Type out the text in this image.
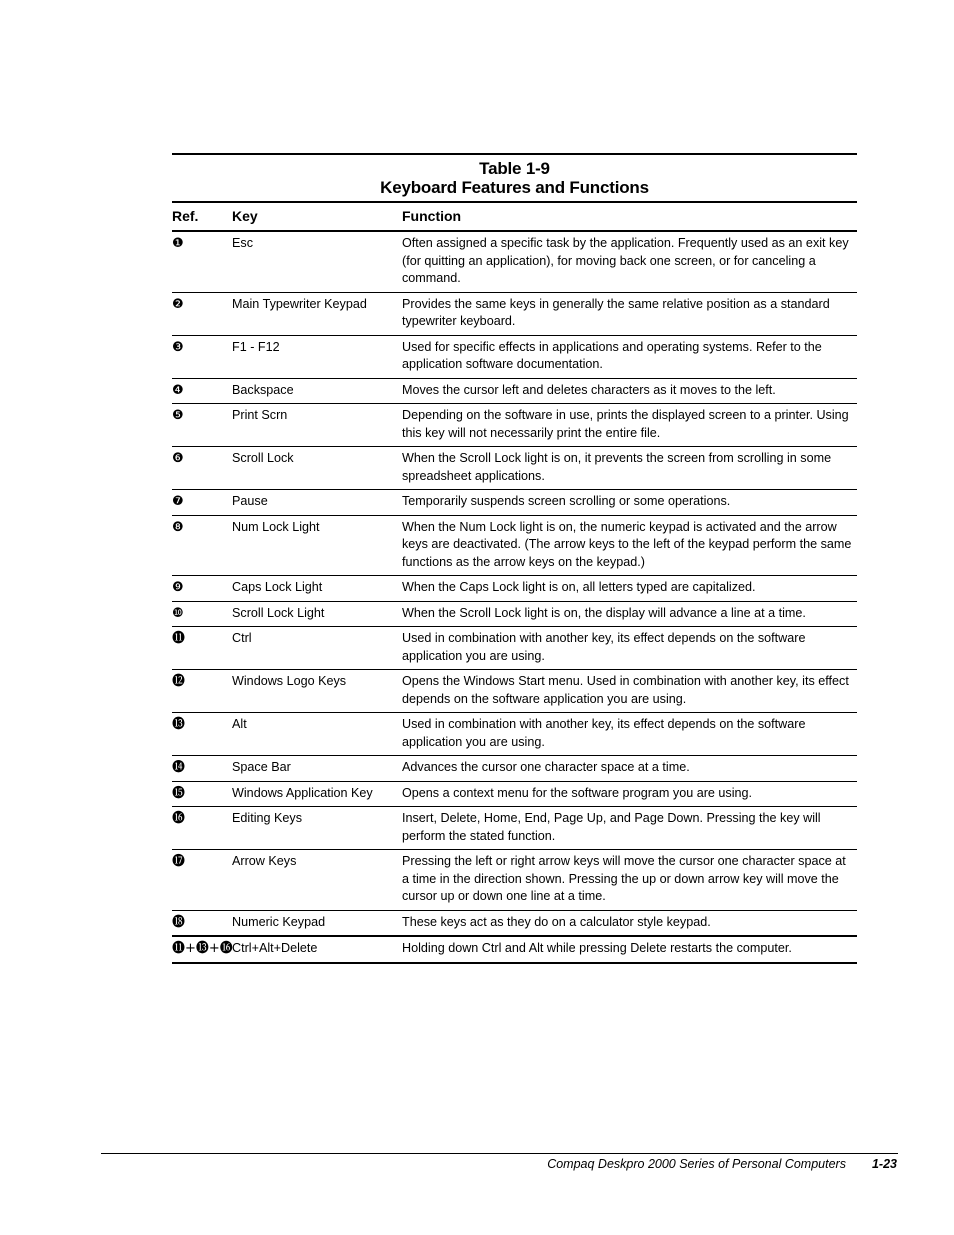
Table 1-9
Keyboard Features and Functions
Ref.	Key	Function
❶	Esc	Often assigned a specific task by the application. Frequently used as an exit key (for quitting an application), for moving back one screen, or for canceling a command.
❷	Main Typewriter Keypad	Provides the same keys in generally the same relative position as a standard typewriter keyboard.
❸	F1 - F12	Used for specific effects in applications and operating systems. Refer to the application software documentation.
❹	Backspace	Moves the cursor left and deletes characters as it moves to the left.
❺	Print Scrn	Depending on the software in use, prints the displayed screen to a printer. Using this key will not necessarily print the entire file.
❻	Scroll Lock	When the Scroll Lock light is on, it prevents the screen from scrolling in some spreadsheet applications.
❼	Pause	Temporarily suspends screen scrolling or some operations.
❽	Num Lock Light	When the Num Lock light is on, the numeric keypad is activated and the arrow keys are deactivated. (The arrow keys to the left of the keypad perform the same functions as the arrow keys on the keypad.)
❾	Caps Lock Light	When the Caps Lock light is on, all letters typed are capitalized.
❿	Scroll Lock Light	When the Scroll Lock light is on, the display will advance a line at a time.
⓫	Ctrl	Used in combination with another key, its effect depends on the software application you are using.
⓬	Windows Logo Keys	Opens the Windows Start menu. Used in combination with another key, its effect depends on the software application you are using.
⓭	Alt	Used in combination with another key, its effect depends on the software application you are using.
⓮	Space Bar	Advances the cursor one character space at a time.
⓯	Windows Application Key	Opens a context menu for the software program you are using.
⓰	Editing Keys	Insert, Delete, Home, End, Page Up, and Page Down. Pressing the key will perform the stated function.
⓱	Arrow Keys	Pressing the left or right arrow keys will move the cursor one character space at a time in the direction shown. Pressing the up or down arrow key will move the cursor up or down one line at a time.
⓲	Numeric Keypad	These keys act as they do on a calculator style keypad.
⓫+⓭+⓰ Ctrl+Alt+Delete	Holding down Ctrl and Alt while pressing Delete restarts the computer.
Compaq Deskpro 2000 Series of Personal Computers 1-23
